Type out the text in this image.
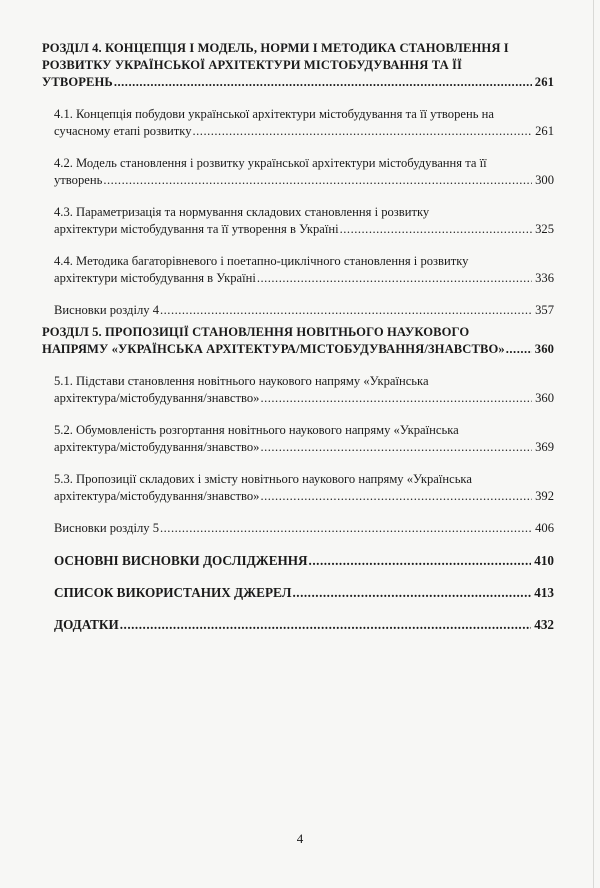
РОЗДІЛ 4. КОНЦЕПЦІЯ І МОДЕЛЬ, НОРМИ І МЕТОДИКА СТАНОВЛЕННЯ І
РОЗВИТКУ УКРАЇНСЬКОЇ АРХІТЕКТУРИ МІСТОБУДУВАННЯ ТА ЇЇ
УТВОРЕНЬ .....	261
4.1. Концепція побудови української архітектури містобудування та її утворень на
сучасному етапі розвитку .....	261
4.2. Модель становлення і розвитку української архітектури містобудування та її
утворень .....	300
4.3. Параметризація та нормування складових становлення і розвитку
архітектури містобудування та її утворення в Україні .....	325
4.4. Методика багаторівневого і поетапно-циклічного становлення і розвитку
архітектури містобудування в Україні .....	336
Висновки розділу 4 .....	357
РОЗДІЛ 5. ПРОПОЗИЦІЇ СТАНОВЛЕННЯ НОВІТНЬОГО НАУКОВОГО
НАПРЯМУ «УКРАЇНСЬКА АРХІТЕКТУРА/МІСТОБУДУВАННЯ/ЗНАВСТВО» ..... 360
5.1. Підстави становлення новітнього наукового напряму «Українська
архітектура/містобудування/знавство» .....	360
5.2. Обумовленість розгортання новітнього наукового напряму «Українська
архітектура/містобудування/знавство» .....	369
5.3. Пропозиції складових і змісту новітнього наукового напряму «Українська
архітектура/містобудування/знавство» .....	392
Висновки розділу 5 .....	406
ОСНОВНІ ВИСНОВКИ ДОСЛІДЖЕННЯ .....	410
СПИСОК ВИКОРИСТАНИХ ДЖЕРЕЛ .....	413
ДОДАТКИ .....	432
4
